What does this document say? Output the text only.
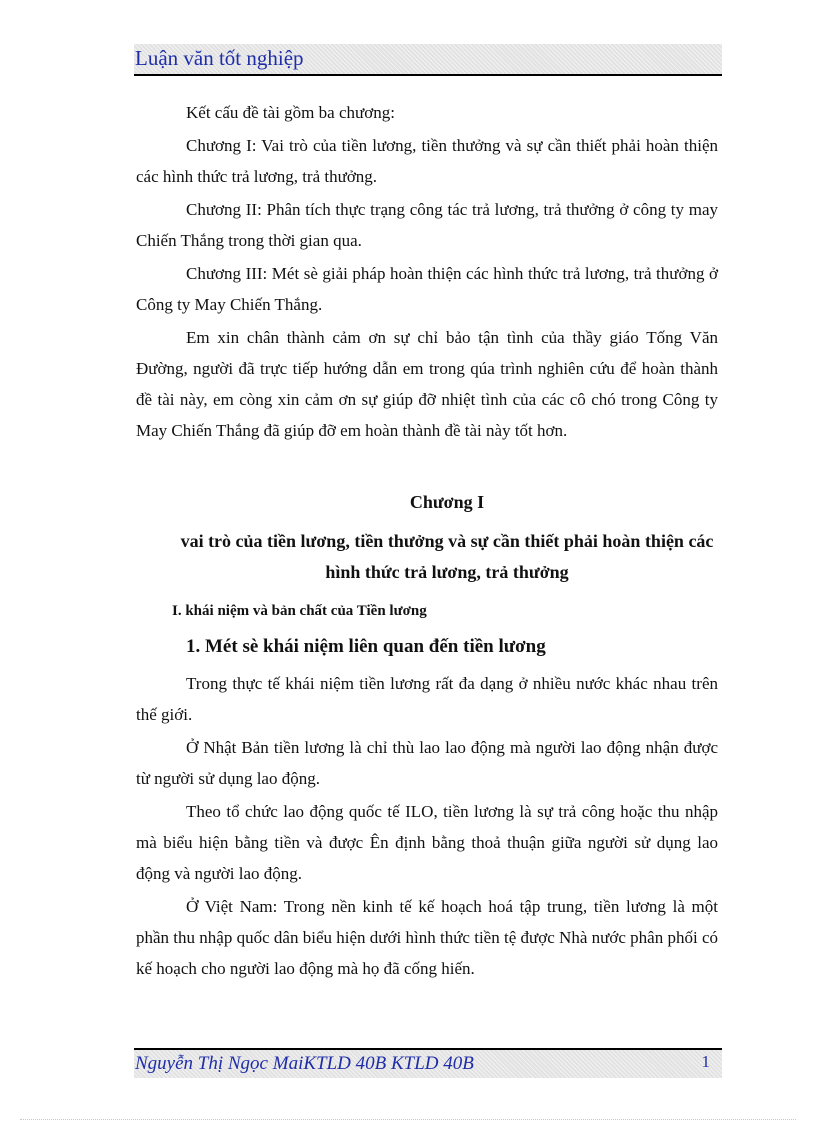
Luận văn tốt nghiệp

Kết cấu đề tài gồm ba chương:

Chương I: Vai trò của tiền lương, tiền thưởng và sự cần thiết phải hoàn thiện các hình thức trả lương, trả thưởng.

Chương II: Phân tích thực trạng công tác trả lương, trả thưởng ở công ty may Chiến Thắng trong thời gian qua.

Chương III: Mét sè giải pháp hoàn thiện các hình thức trả lương, trả thưởng ở Công ty May Chiến Thắng.

Em xin chân thành cảm ơn sự chỉ bảo tận tình của thầy giáo Tống Văn Đường, người đã trực tiếp hướng dẫn em trong qúa trình nghiên cứu để hoàn thành đề tài này, em còng xin cảm ơn sự giúp đỡ nhiệt tình của các cô chó trong Công ty May Chiến Thắng đã giúp đỡ em hoàn thành đề tài này tốt hơn.

Chương I
vai trò của tiền lương, tiền thưởng và sự cần thiết phải hoàn thiện các hình thức trả lương, trả thưởng
I. khái niệm và bản chất của Tiền lương
1. Mét sè khái niệm liên quan đến tiền lương

Trong thực tế khái niệm tiền lương rất đa dạng ở nhiều nước khác nhau trên thế giới.

Ở Nhật Bản tiền lương là chỉ thù lao lao động mà người lao động nhận được từ người sử dụng lao động.

Theo tổ chức lao động quốc tế ILO, tiền lương là sự trả công hoặc thu nhập mà biểu hiện bằng tiền và được Ên định bằng thoả thuận giữa người sử dụng lao động và người lao động.

Ở Việt Nam: Trong nền kinh tế kế hoạch hoá tập trung, tiền lương là một phần thu nhập quốc dân biểu hiện dưới hình thức tiền tệ được Nhà nước phân phối có kế hoạch cho người lao động mà họ đã cống hiến.

Nguyễn Thị Ngọc MaiKTLD 40B KTLD 40B	1
